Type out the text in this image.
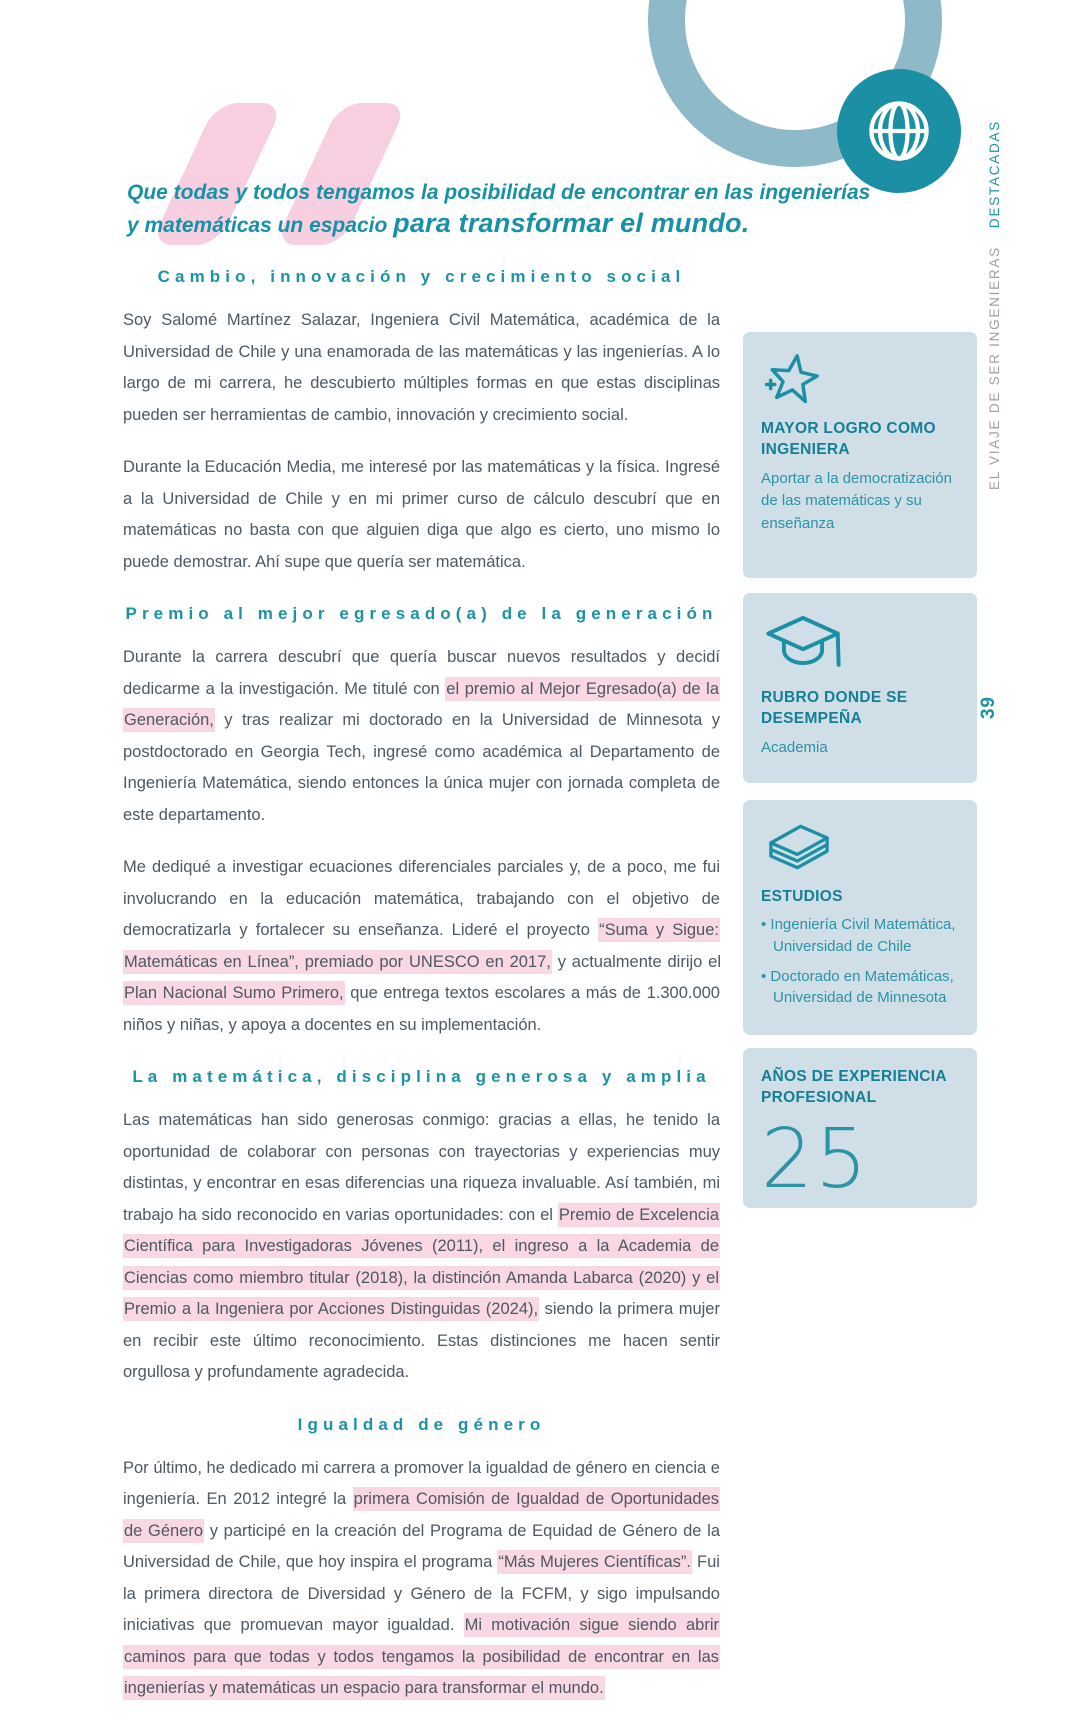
Que todas y todos tengamos la posibilidad de encontrar en las ingenierías
y matemáticas un espacio para transformar el mundo.
Cambio, innovación y crecimiento social

Soy Salomé Martínez Salazar, Ingeniera Civil Matemática, académica de la Universidad de Chile y una enamorada de las matemáticas y las ingenierías. A lo largo de mi carrera, he descubierto múltiples formas en que estas disciplinas pueden ser herramientas de cambio, innovación y crecimiento social.

Durante la Educación Media, me interesé por las matemáticas y la física. Ingresé a la Universidad de Chile y en mi primer curso de cálculo descubrí que en matemáticas no basta con que alguien diga que algo es cierto, uno mismo lo puede demostrar. Ahí supe que quería ser matemática.

Premio al mejor egresado(a) de la generación

Durante la carrera descubrí que quería buscar nuevos resultados y decidí dedicarme a la investigación. Me titulé con el premio al Mejor Egresado(a) de la Generación, y tras realizar mi doctorado en la Universidad de Minnesota y postdoctorado en Georgia Tech, ingresé como académica al Departamento de Ingeniería Matemática, siendo entonces la única mujer con jornada completa de este departamento.

Me dediqué a investigar ecuaciones diferenciales parciales y, de a poco, me fui involucrando en la educación matemática, trabajando con el objetivo de democratizarla y fortalecer su enseñanza. Lideré el proyecto “Suma y Sigue: Matemáticas en Línea”, premiado por UNESCO en 2017, y actualmente dirijo el Plan Nacional Sumo Primero, que entrega textos escolares a más de 1.300.000 niños y niñas, y apoya a docentes en su implementación.

La matemática, disciplina generosa y amplia

Las matemáticas han sido generosas conmigo: gracias a ellas, he tenido la oportunidad de colaborar con personas con trayectorias y experiencias muy distintas, y encontrar en esas diferencias una riqueza invaluable. Así también, mi trabajo ha sido reconocido en varias oportunidades: con el Premio de Excelencia Científica para Investigadoras Jóvenes (2011), el ingreso a la Academia de Ciencias como miembro titular (2018), la distinción Amanda Labarca (2020) y el Premio a la Ingeniera por Acciones Distinguidas (2024), siendo la primera mujer en recibir este último reconocimiento. Estas distinciones me hacen sentir orgullosa y profundamente agradecida.

Igualdad de género

Por último, he dedicado mi carrera a promover la igualdad de género en ciencia e ingeniería. En 2012 integré la primera Comisión de Igualdad de Oportunidades de Género y participé en la creación del Programa de Equidad de Género de la Universidad de Chile, que hoy inspira el programa “Más Mujeres Científicas”. Fui la primera directora de Diversidad y Género de la FCFM, y sigo impulsando iniciativas que promuevan mayor igualdad. Mi motivación sigue siendo abrir caminos para que todas y todos tengamos la posibilidad de encontrar en las ingenierías y matemáticas un espacio para transformar el mundo.

MAYOR LOGRO COMO INGENIERA
Aportar a la democratización de las matemáticas y su enseñanza
RUBRO DONDE SE DESEMPEÑA
Academia
ESTUDIOS
• Ingeniería Civil Matemática, Universidad de Chile
• Doctorado en Matemáticas, Universidad de Minnesota
AÑOS DE EXPERIENCIA PROFESIONAL
25
EL VIAJE DE SER INGENIERASDESTACADAS
39
